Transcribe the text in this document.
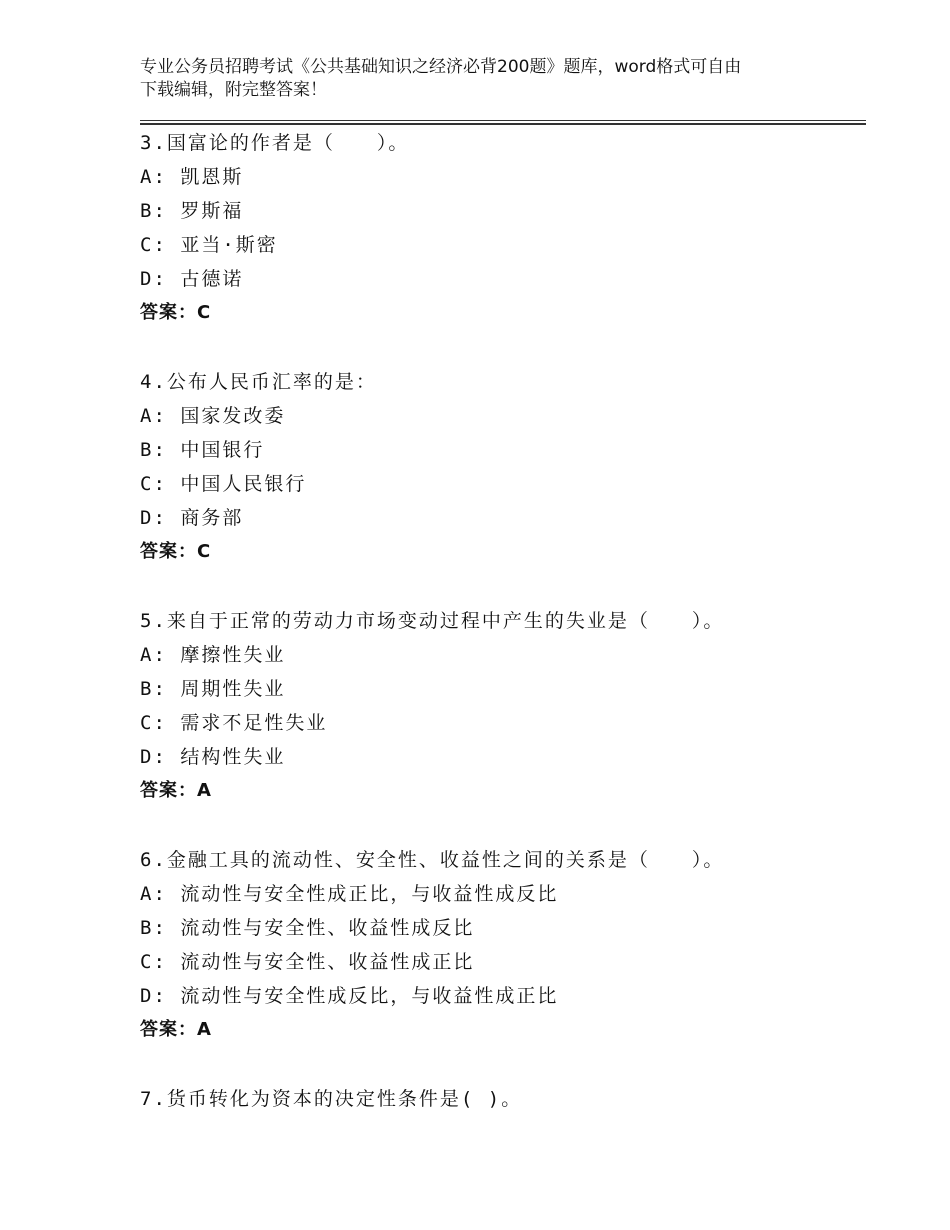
专业公务员招聘考试《公共基础知识之经济必背200题》题库，word格式可自由
下载编辑，附完整答案！
3.国富论的作者是（　　）。
A: 凯恩斯
B: 罗斯福
C: 亚当·斯密
D: 古德诺
答案：C
4.公布人民币汇率的是：
A: 国家发改委
B: 中国银行
C: 中国人民银行
D: 商务部
答案：C
5.来自于正常的劳动力市场变动过程中产生的失业是（　　）。
A: 摩擦性失业
B: 周期性失业
C: 需求不足性失业
D: 结构性失业
答案：A
6.金融工具的流动性、安全性、收益性之间的关系是（　　）。
A: 流动性与安全性成正比，与收益性成反比
B: 流动性与安全性、收益性成反比
C: 流动性与安全性、收益性成正比
D: 流动性与安全性成反比，与收益性成正比
答案：A
7.货币转化为资本的决定性条件是( )。
